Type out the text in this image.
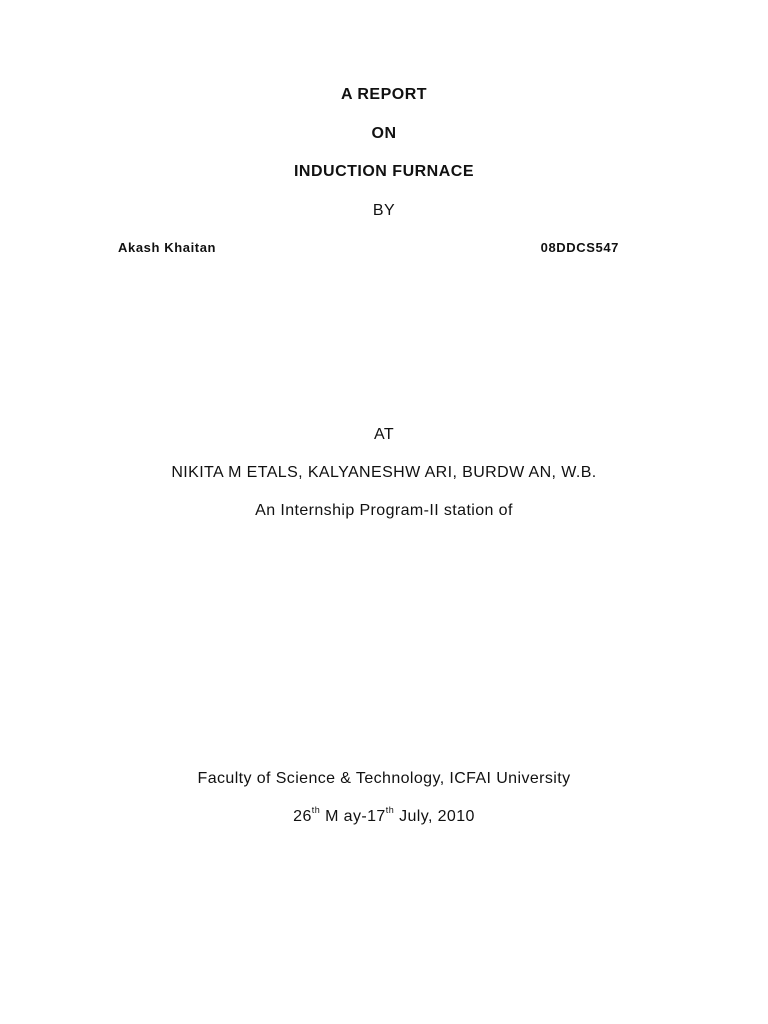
A REPORT
ON
INDUCTION FURNACE
BY
Akash Khaitan	08DDCS547
AT
NIKITA M ETALS, KALYANESHW ARI, BURDW AN, W.B.
An Internship Program-II station of
Faculty of Science & Technology, ICFAI University
26th M ay-17th July, 2010
